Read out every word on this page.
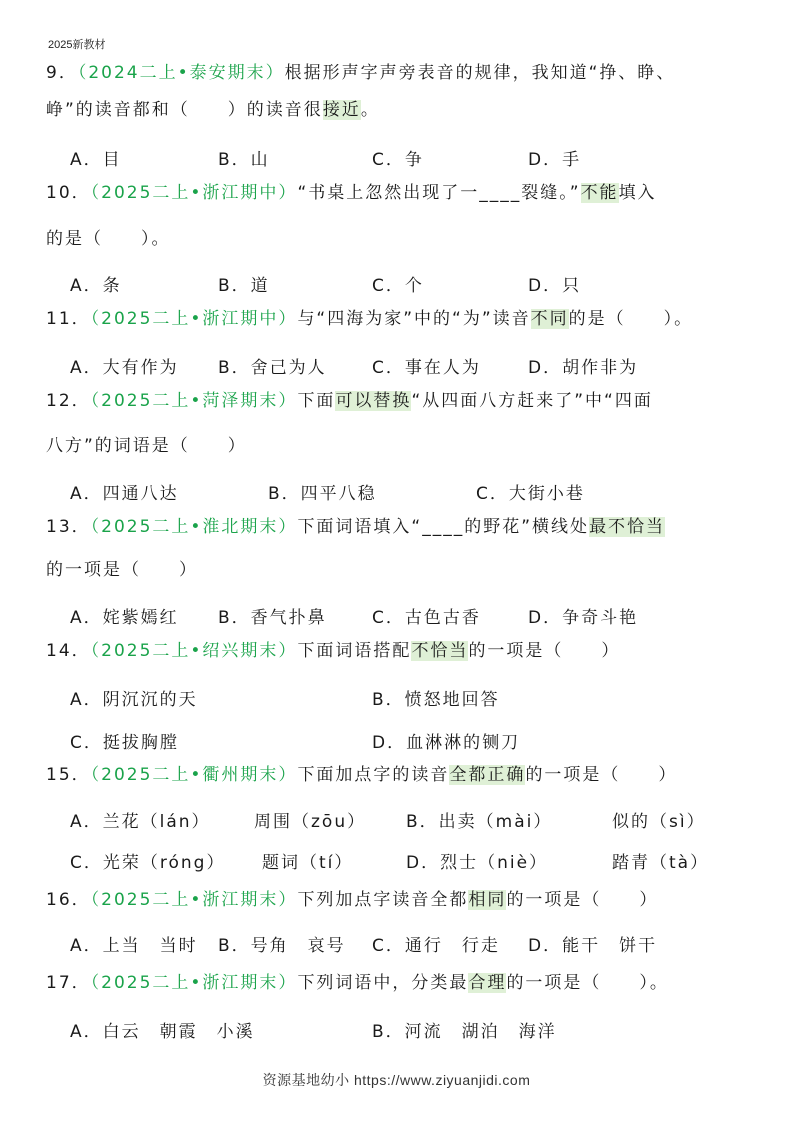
2025新教材
9．（2024二上•泰安期末）根据形声字声旁表音的规律，我知道“挣、睁、
峥”的读音都和（　　）的读音很接近。
A．目	B．山	C．争	D．手
10．（2025二上•浙江期中）“书桌上忽然出现了一____裂缝。”不能填入
的是（　　）。
A．条	B．道	C．个	D．只
11．（2025二上•浙江期中）与“四海为家”中的“为”读音不同的是（　　）。
A．大有作为 B．舍己为人	C．事在人为	D．胡作非为
12．（2025二上•菏泽期末）下面可以替换“从四面八方赶来了”中“四面
八方”的词语是（　　）
A．四通八达	B．四平八稳	C．大街小巷
13．（2025二上•淮北期末）下面词语填入“____的野花”横线处最不恰当
的一项是（　　）
A．姹紫嫣红 B．香气扑鼻	C．古色古香	D．争奇斗艳
14．（2025二上•绍兴期末）下面词语搭配不恰当的一项是（　　）
A．阴沉沉的天	B．愤怒地回答
C．挺拔胸膛	D．血淋淋的铡刀
15．（2025二上•衢州期末）下面加点字的读音全都正确的一项是（　　）
A．兰花（lán）	周围（zōu） B．出卖（mài）	似的（sì）
C．光荣（róng） 题词（tí）	D．烈士（niè）	踏青（tà）
16．（2025二上•浙江期末）下列加点字读音全都相同的一项是（　　）
A．上当　当时 B．号角　哀号 C．通行　行走 D．能干　饼干
17．（2025二上•浙江期末）下列词语中，分类最合理的一项是（　　）。
A．白云　朝霞　小溪	B．河流　湖泊　海洋
资源基地幼小 https://www.ziyuanjidi.com
